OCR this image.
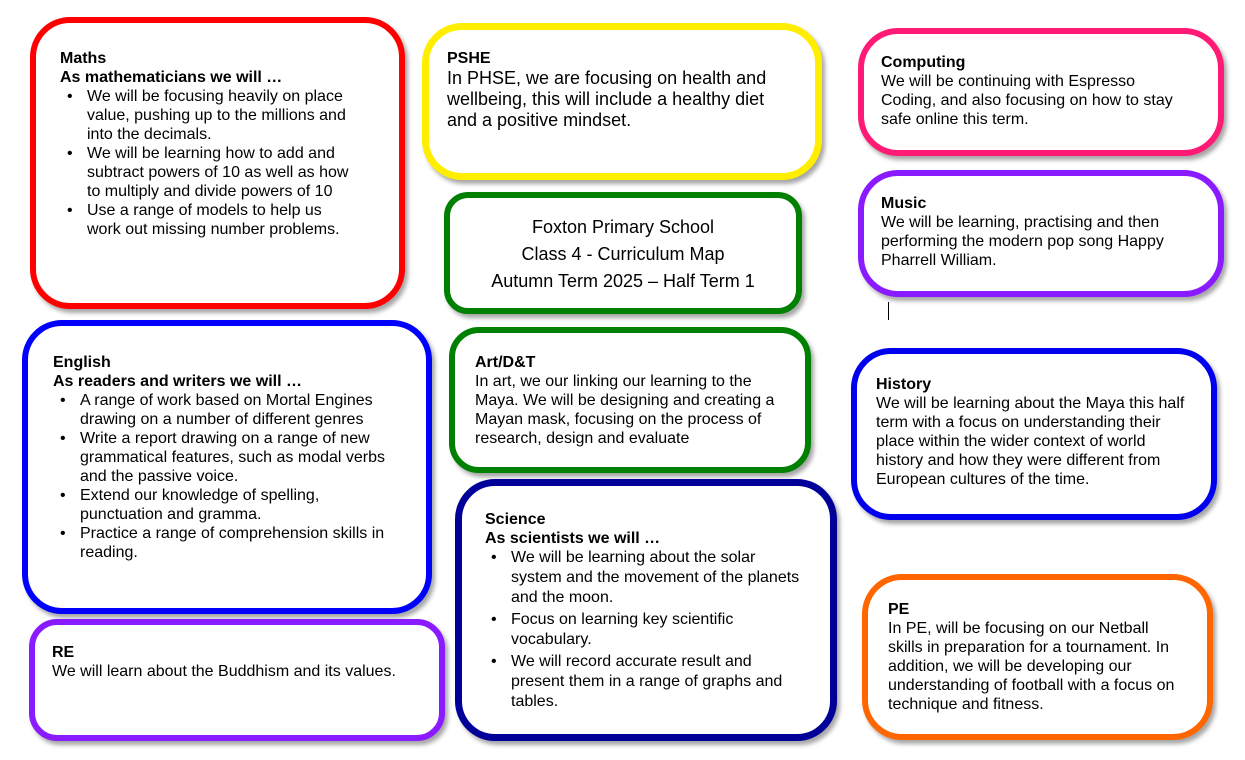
Maths

As mathematicians we will …

• We will be focusing heavily on place value, pushing up to the millions and into the decimals.
• We will be learning how to add and subtract powers of 10 as well as how to multiply and divide powers of 10
• Use a range of models to help us work out missing number problems.

PSHE

In PHSE, we are focusing on health and wellbeing, this will include a healthy diet and a positive mindset.

Computing

We will be continuing with Espresso Coding, and also focusing on how to stay safe online this term.

Foxton Primary School
Class 4 - Curriculum Map
Autumn Term 2025 – Half Term 1

Music

We will be learning, practising and then performing the modern pop song Happy Pharrell William.

English

As readers and writers we will …

• A range of work based on Mortal Engines drawing on a number of different genres
• Write a report drawing on a range of new grammatical features, such as modal verbs and the passive voice.
• Extend our knowledge of spelling, punctuation and gramma.
• Practice a range of comprehension skills in reading.

Art/D&T

In art, we our linking our learning to the Maya. We will be designing and creating a Mayan mask, focusing on the process of research, design and evaluate

History

We will be learning about the Maya this half term with a focus on understanding their place within the wider context of world history and how they were different from European cultures of the time.

Science

As scientists we will …

• We will be learning about the solar system and the movement of the planets and the moon.
• Focus on learning key scientific vocabulary.
• We will record accurate result and present them in a range of graphs and tables.

RE

We will learn about the Buddhism and its values.

PE

In PE, will be focusing on our Netball skills in preparation for a tournament. In addition, we will be developing our understanding of football with a focus on technique and fitness.
